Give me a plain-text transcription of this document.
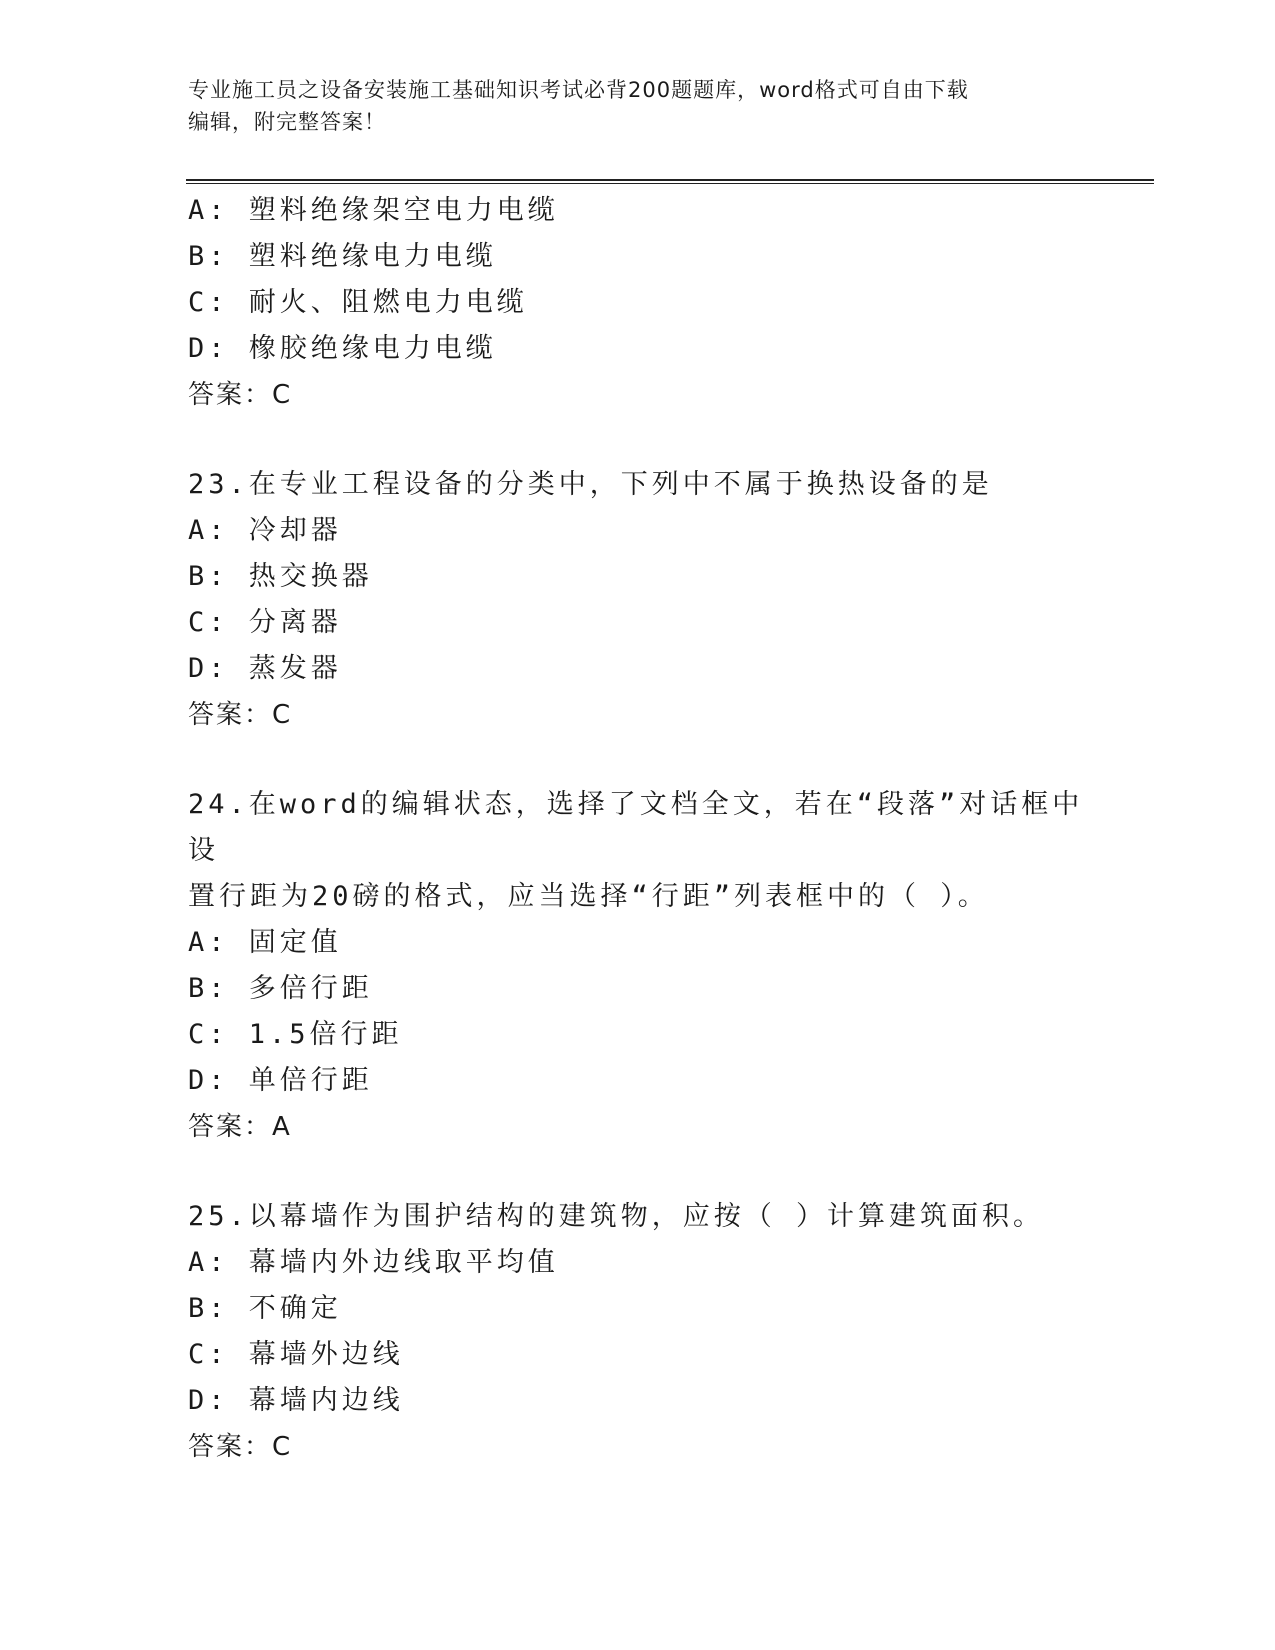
专业施工员之设备安装施工基础知识考试必背200题题库，word格式可自由下载
编辑，附完整答案！
A: 塑料绝缘架空电力电缆
B: 塑料绝缘电力电缆
C: 耐火、阻燃电力电缆
D: 橡胶绝缘电力电缆
答案：C
23.在专业工程设备的分类中，下列中不属于换热设备的是
A: 冷却器
B: 热交换器
C: 分离器
D: 蒸发器
答案：C
24.在word的编辑状态，选择了文档全文，若在“段落”对话框中设
置行距为20磅的格式，应当选择“行距”列表框中的（ ）。
A: 固定值
B: 多倍行距
C: 1.5倍行距
D: 单倍行距
答案：A
25.以幕墙作为围护结构的建筑物，应按（ ）计算建筑面积。
A: 幕墙内外边线取平均值
B: 不确定
C: 幕墙外边线
D: 幕墙内边线
答案：C
